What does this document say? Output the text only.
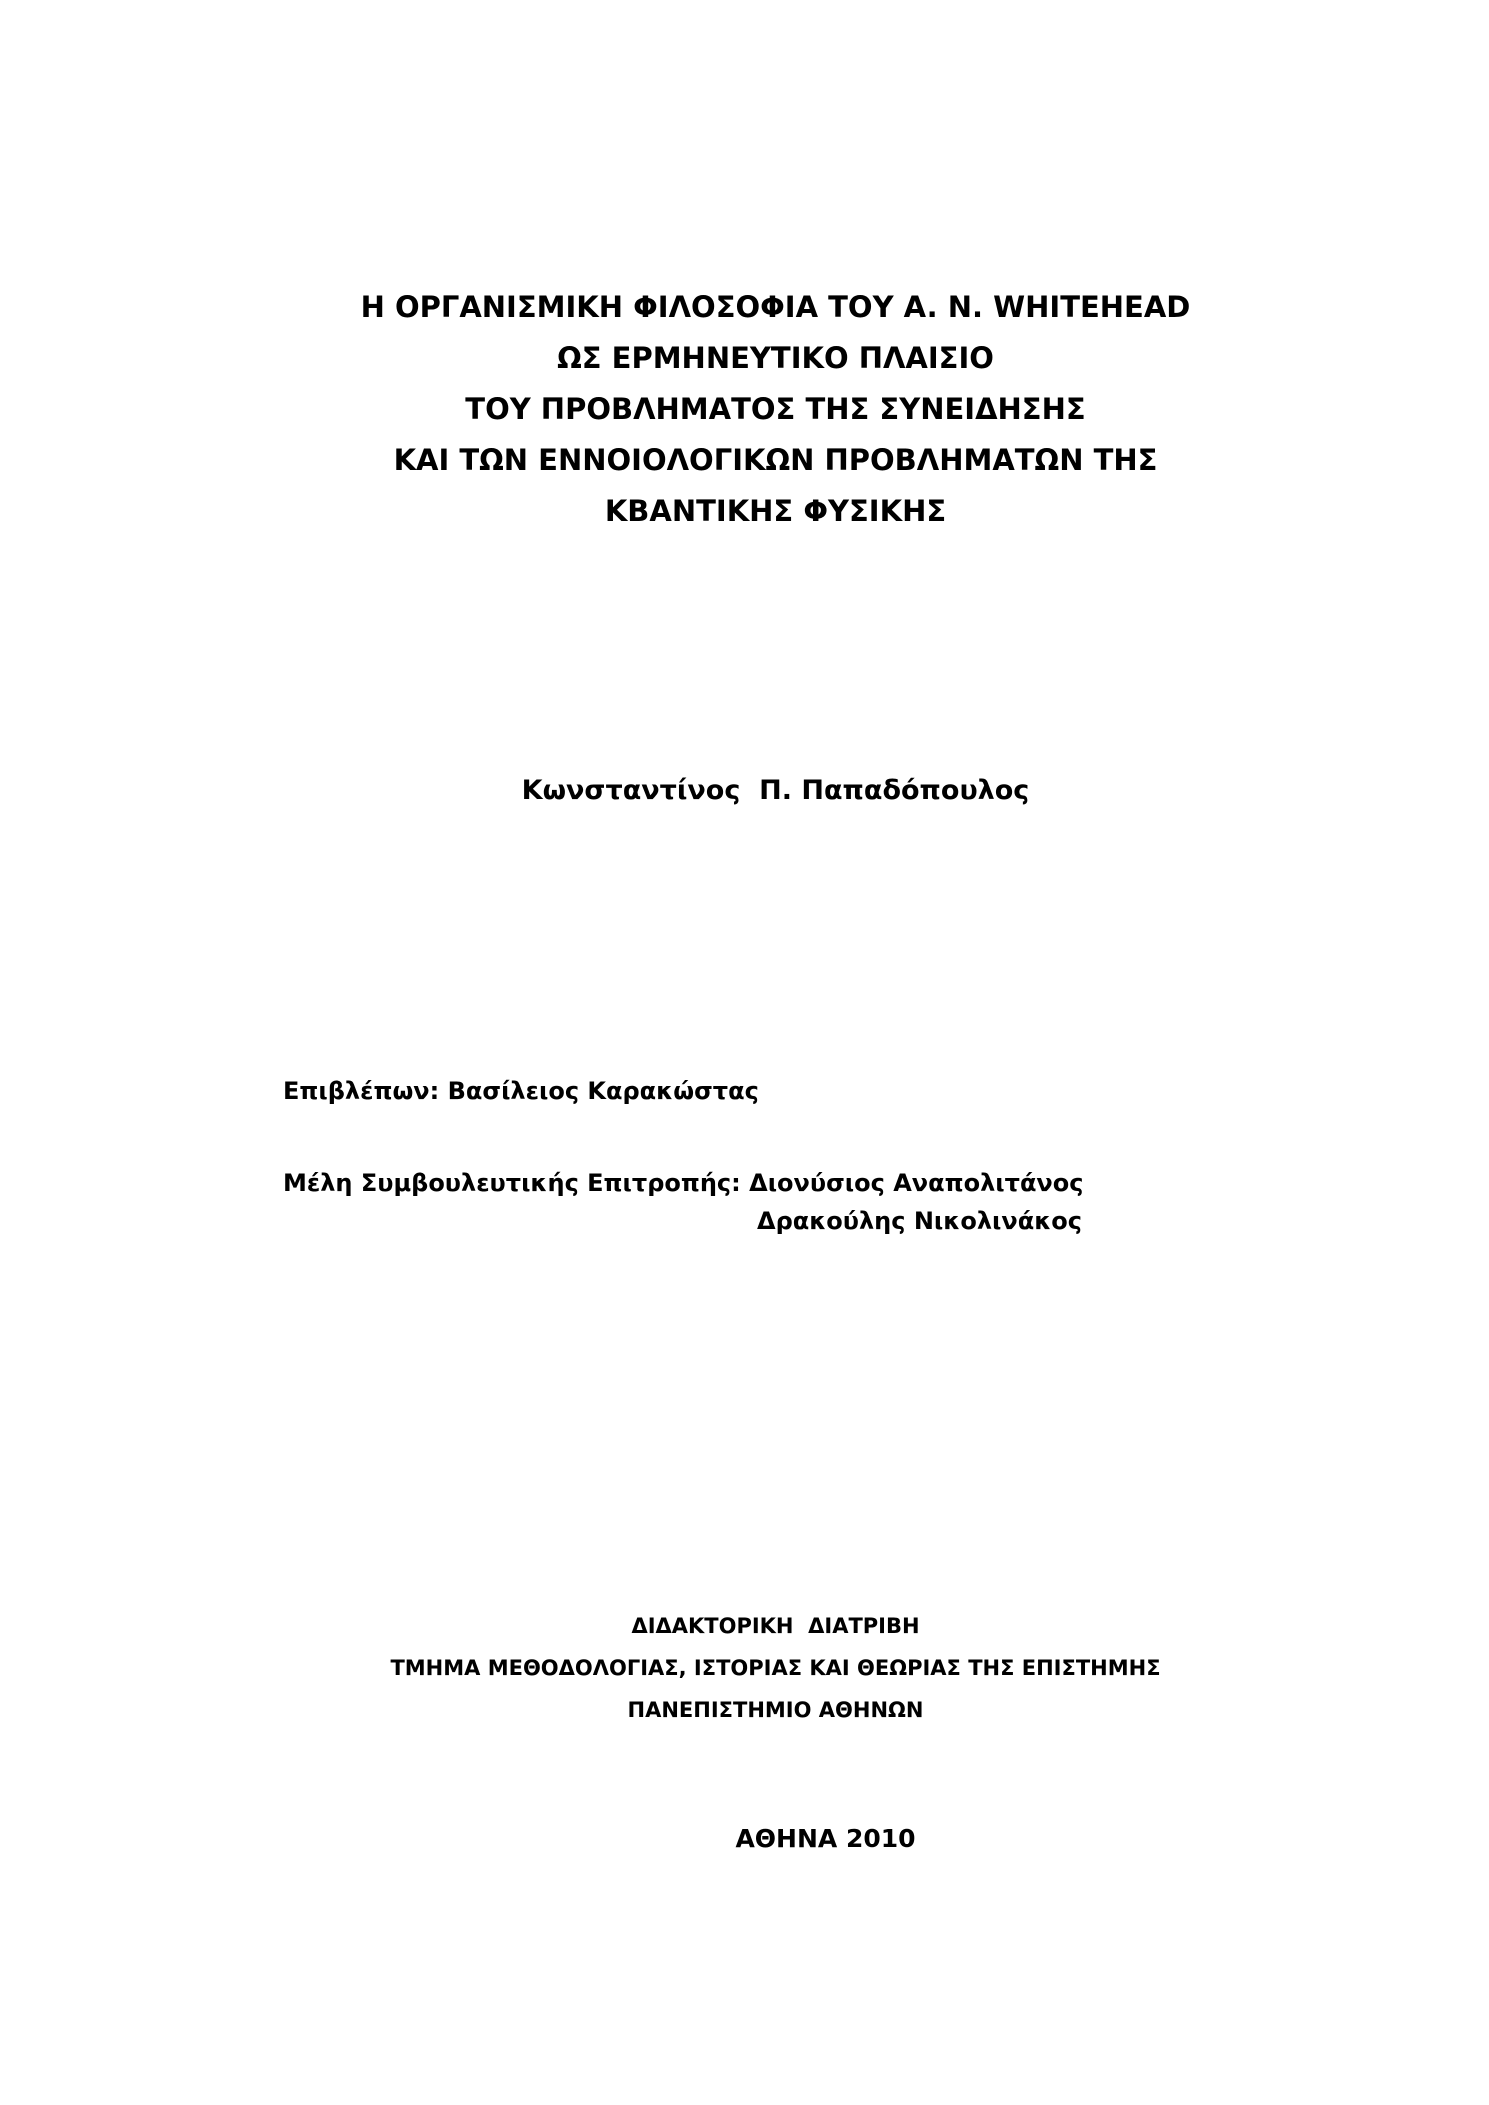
Η ΟΡΓΑΝΙΣΜΙΚΗ ΦΙΛΟΣΟΦΙΑ ΤΟΥ A. N. WHITEHEAD
ΩΣ ΕΡΜΗΝΕΥΤΙΚΟ ΠΛΑΙΣΙΟ
ΤΟΥ ΠΡΟΒΛΗΜΑΤΟΣ ΤΗΣ ΣΥΝΕΙΔΗΣΗΣ
ΚΑΙ ΤΩΝ ΕΝΝΟΙΟΛΟΓΙΚΩΝ ΠΡΟΒΛΗΜΑΤΩΝ ΤΗΣ
ΚΒΑΝΤΙΚΗΣ ΦΥΣΙΚΗΣ
Κωνσταντίνος  Π. Παπαδόπουλος
Επιβλέπων: Βασίλειος Καρακώστας
Μέλη Συμβουλευτικής Επιτροπής: Διονύσιος Αναπολιτάνος
Δρακούλης Νικολινάκος
ΔΙΔΑΚΤΟΡΙΚΗ  ΔΙΑΤΡΙΒΗ
ΤΜΗΜΑ ΜΕΘΟΔΟΛΟΓΙΑΣ, ΙΣΤΟΡΙΑΣ ΚΑΙ ΘΕΩΡΙΑΣ ΤΗΣ ΕΠΙΣΤΗΜΗΣ
ΠΑΝΕΠΙΣΤΗΜΙΟ ΑΘΗΝΩΝ
ΑΘΗΝΑ 2010
